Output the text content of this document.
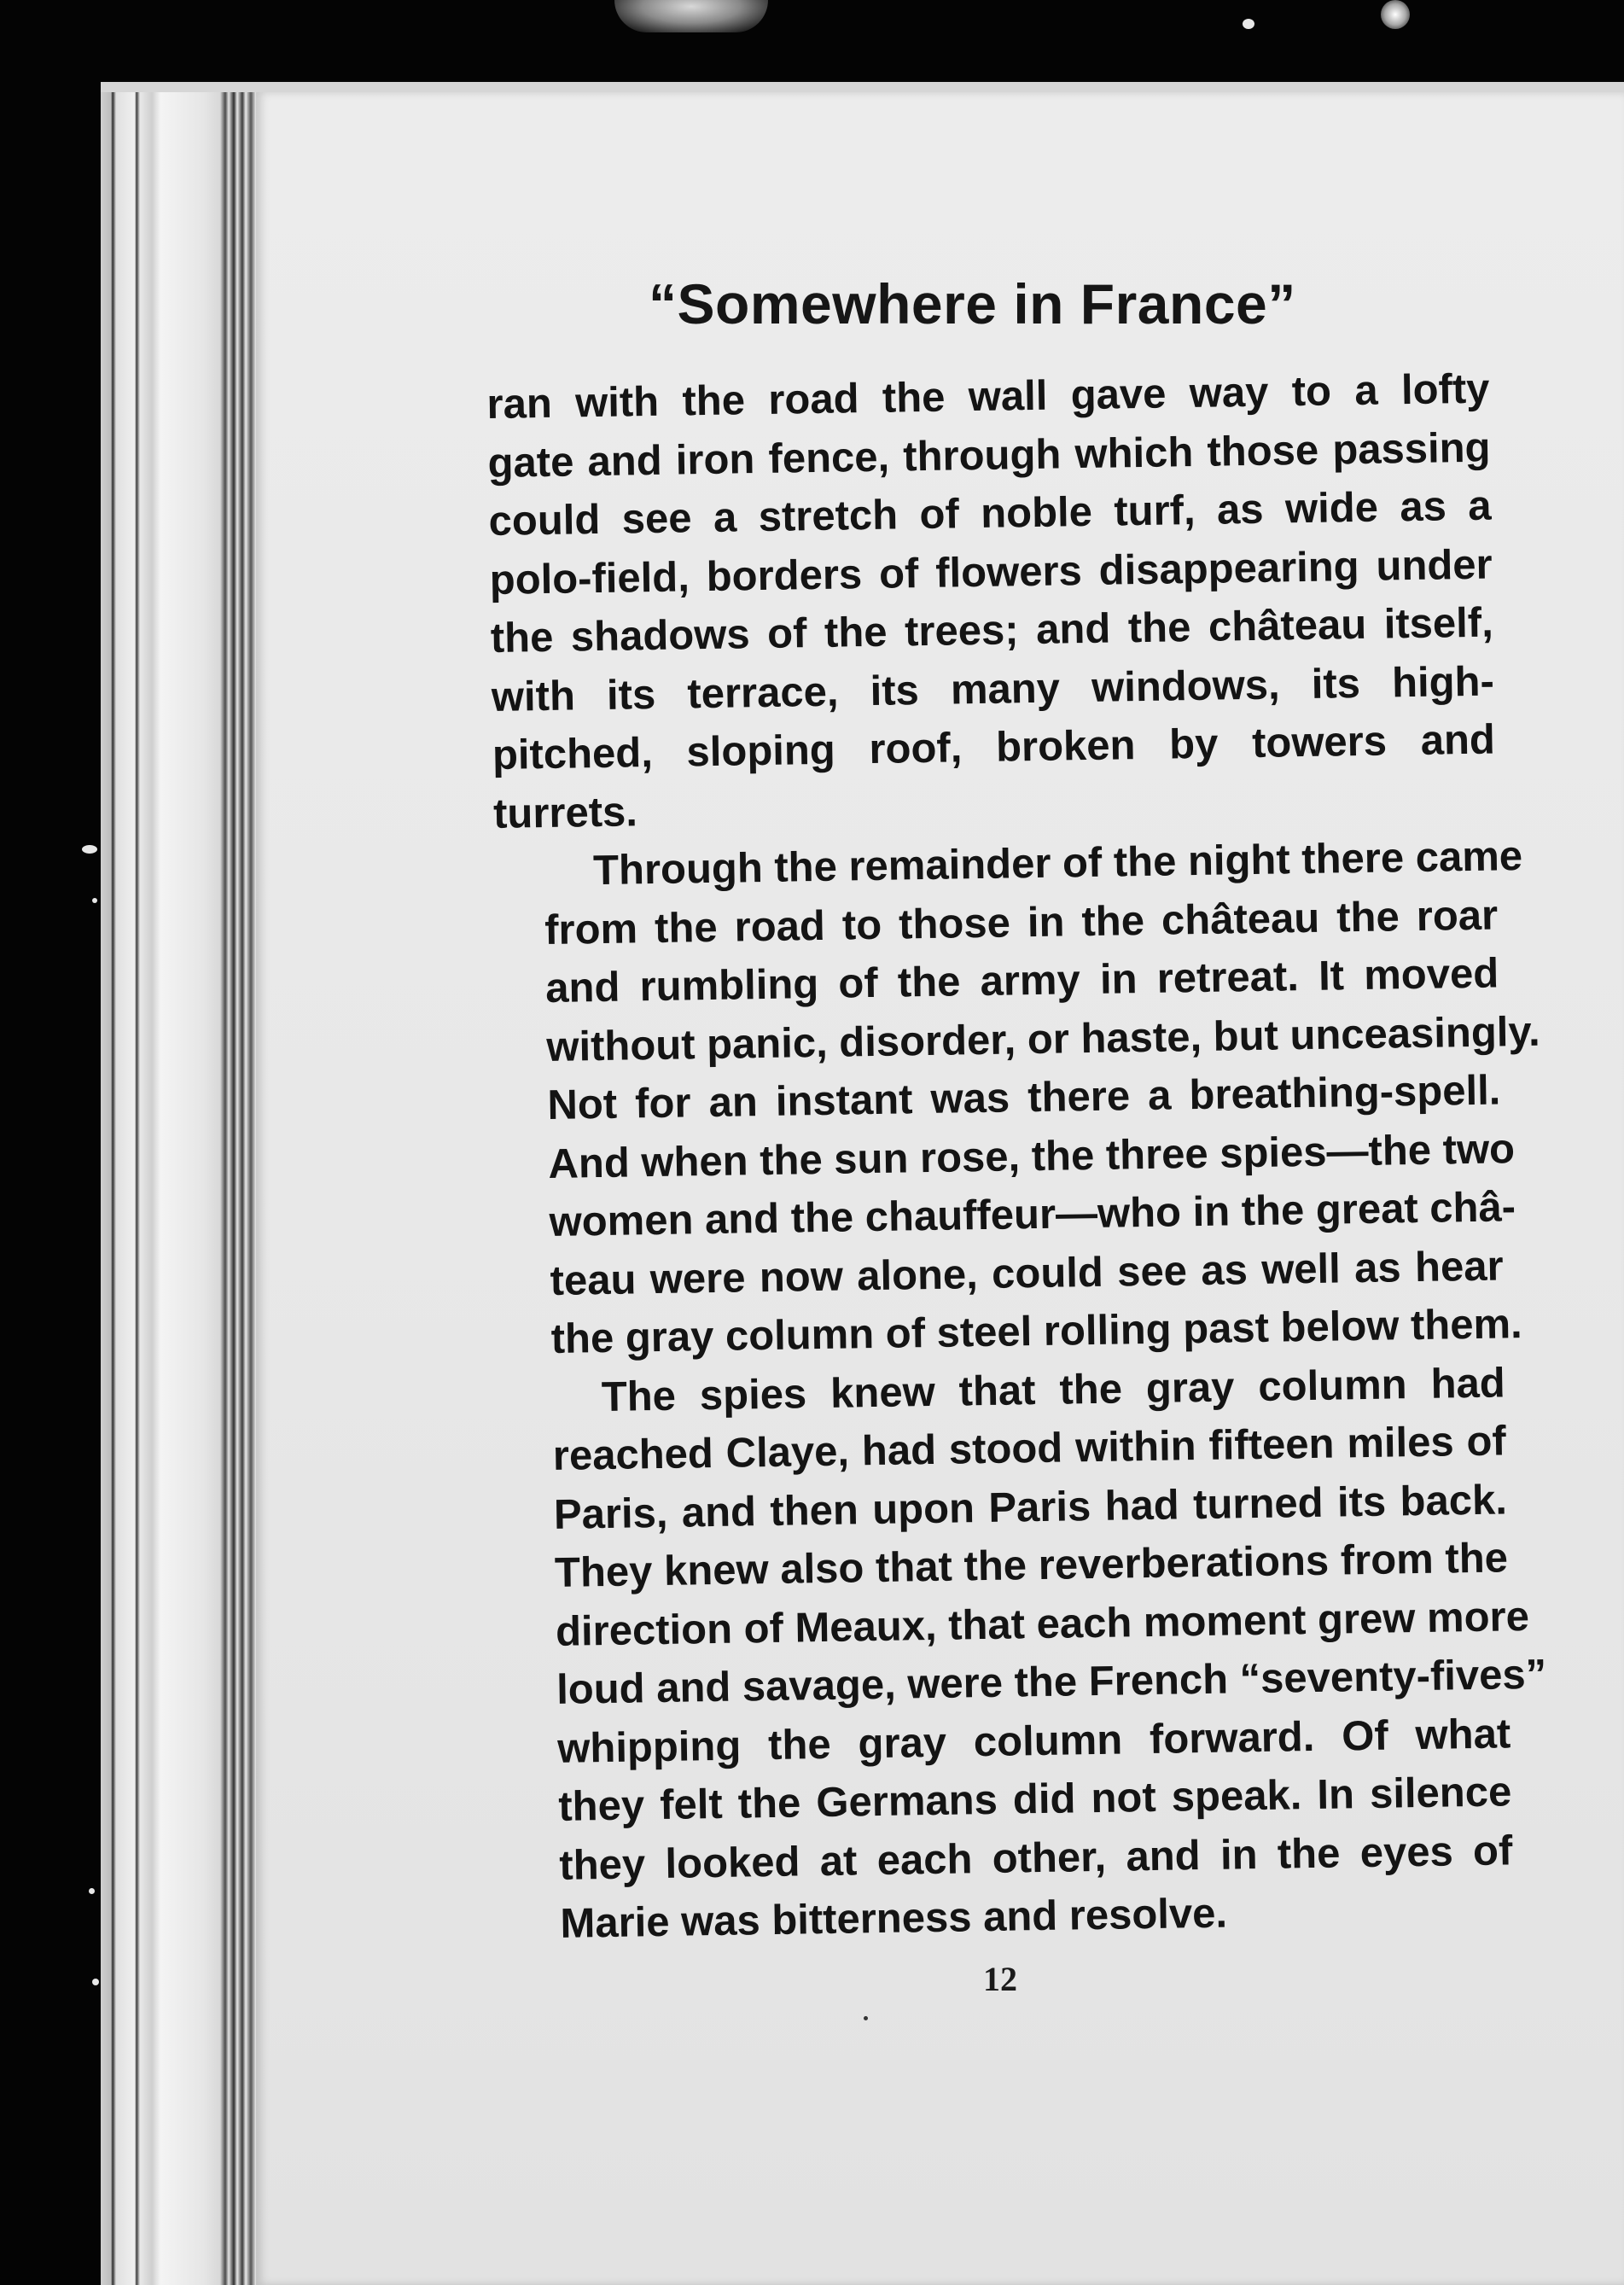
“Somewhere in France”

ran with the road the wall gave way to a lofty
gate and iron fence, through which those passing
could see a stretch of noble turf, as wide as a
polo-field, borders of flowers disappearing under
the shadows of the trees; and the château itself,
with its terrace, its many windows, its high-
pitched, sloping roof, broken by towers and
turrets.

Through the remainder of the night there came
from the road to those in the château the roar
and rumbling of the army in retreat. It moved
without panic, disorder, or haste, but unceasingly.
Not for an instant was there a breathing-spell.
And when the sun rose, the three spies—the two
women and the chauffeur—who in the great châ-
teau were now alone, could see as well as hear
the gray column of steel rolling past below them.

The spies knew that the gray column had
reached Claye, had stood within fifteen miles of
Paris, and then upon Paris had turned its back.
They knew also that the reverberations from the
direction of Meaux, that each moment grew more
loud and savage, were the French “seventy-fives”
whipping the gray column forward. Of what
they felt the Germans did not speak. In silence
they looked at each other, and in the eyes of
Marie was bitterness and resolve.

12
